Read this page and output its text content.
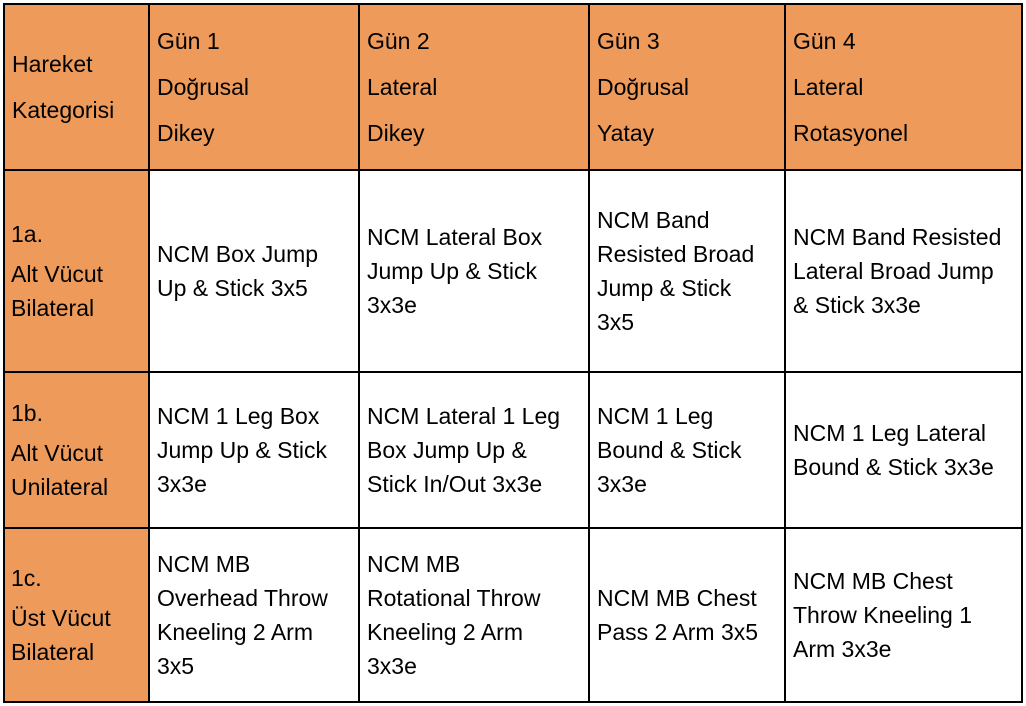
Hareket
Kategorisi	Gün 1
Doğrusal
Dikey	Gün 2
Lateral
Dikey	Gün 3
Doğrusal
Yatay	Gün 4
Lateral
Rotasyonel

1a.
Alt Vücut
Bilateral	NCM Box Jump
Up & Stick 3x5	NCM Lateral Box
Jump Up & Stick
3x3e	NCM Band
Resisted Broad
Jump & Stick
3x5	NCM Band Resisted
Lateral Broad Jump
& Stick 3x3e

1b.
Alt Vücut
Unilateral	NCM 1 Leg Box
Jump Up & Stick
3x3e	NCM Lateral 1 Leg
Box Jump Up &
Stick In/Out 3x3e	NCM 1 Leg
Bound & Stick
3x3e	NCM 1 Leg Lateral
Bound & Stick 3x3e

1c.
Üst Vücut
Bilateral	NCM MB
Overhead Throw
Kneeling 2 Arm
3x5	NCM MB
Rotational Throw
Kneeling 2 Arm
3x3e	NCM MB Chest
Pass 2 Arm 3x5	NCM MB Chest
Throw Kneeling 1
Arm 3x3e
